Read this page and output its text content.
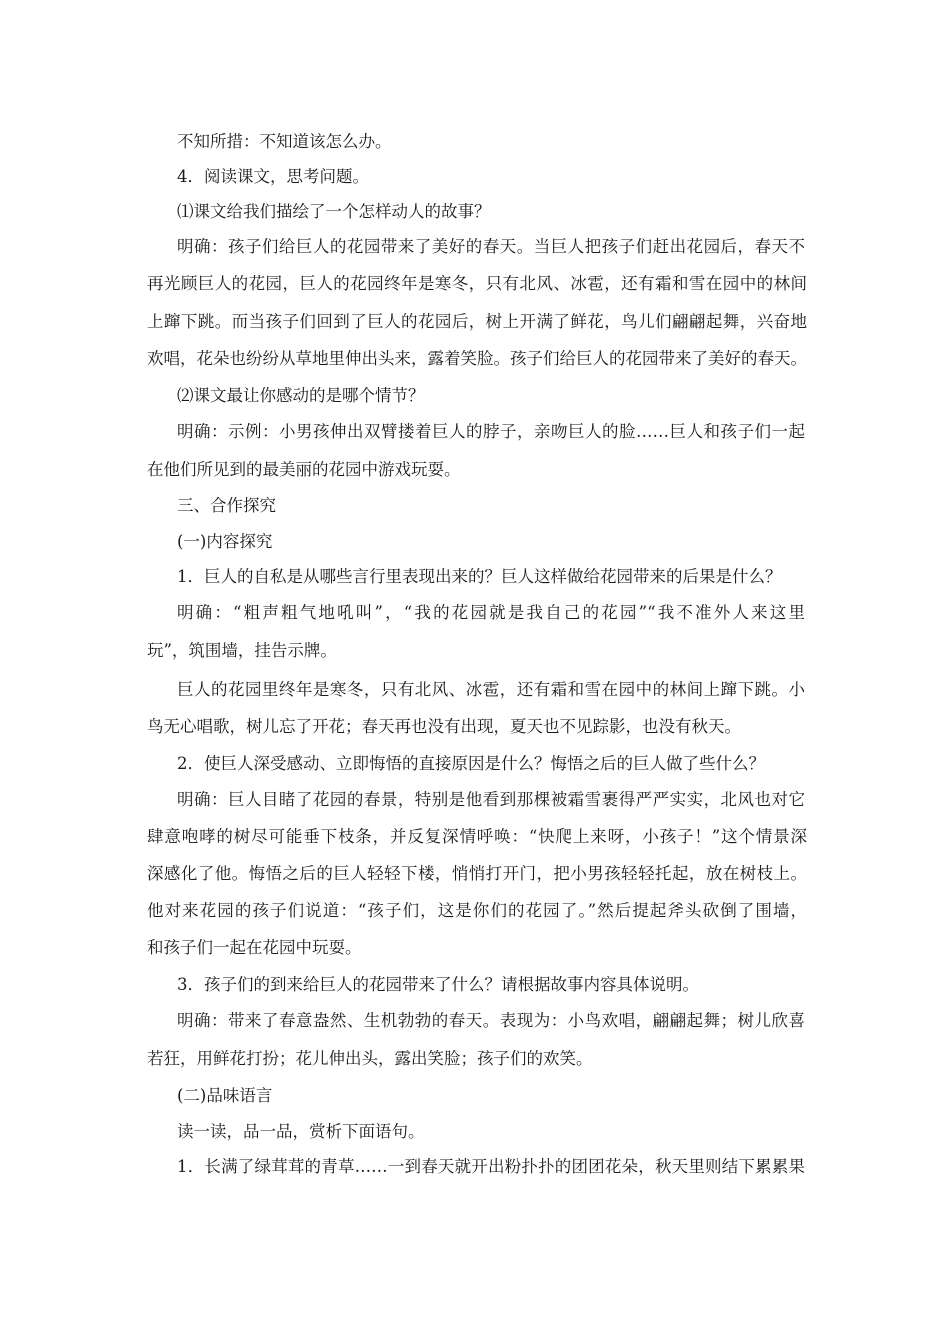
不知所措：不知道该怎么办。
4．阅读课文，思考问题。
⑴课文给我们描绘了一个怎样动人的故事？
明确：孩子们给巨人的花园带来了美好的春天。当巨人把孩子们赶出花园后，春天不
再光顾巨人的花园，巨人的花园终年是寒冬，只有北风、冰雹，还有霜和雪在园中的林间
上蹿下跳。而当孩子们回到了巨人的花园后，树上开满了鲜花，鸟儿们翩翩起舞，兴奋地
欢唱，花朵也纷纷从草地里伸出头来，露着笑脸。孩子们给巨人的花园带来了美好的春天。
⑵课文最让你感动的是哪个情节？
明确：示例：小男孩伸出双臂搂着巨人的脖子，亲吻巨人的脸……巨人和孩子们一起
在他们所见到的最美丽的花园中游戏玩耍。
三、合作探究
(一)内容探究
1．巨人的自私是从哪些言行里表现出来的？巨人这样做给花园带来的后果是什么？
明确：“粗声粗气地吼叫”，“我的花园就是我自己的花园”“我不准外人来这里
玩”，筑围墙，挂告示牌。
巨人的花园里终年是寒冬，只有北风、冰雹，还有霜和雪在园中的林间上蹿下跳。小
鸟无心唱歌，树儿忘了开花；春天再也没有出现，夏天也不见踪影，也没有秋天。
2．使巨人深受感动、立即悔悟的直接原因是什么？悔悟之后的巨人做了些什么？
明确：巨人目睹了花园的春景，特别是他看到那棵被霜雪裹得严严实实，北风也对它
肆意咆哮的树尽可能垂下枝条，并反复深情呼唤：“快爬上来呀，小孩子！”这个情景深
深感化了他。悔悟之后的巨人轻轻下楼，悄悄打开门，把小男孩轻轻托起，放在树枝上。
他对来花园的孩子们说道：“孩子们，这是你们的花园了。”然后提起斧头砍倒了围墙，
和孩子们一起在花园中玩耍。
3．孩子们的到来给巨人的花园带来了什么？请根据故事内容具体说明。
明确：带来了春意盎然、生机勃勃的春天。表现为：小鸟欢唱，翩翩起舞；树儿欣喜
若狂，用鲜花打扮；花儿伸出头，露出笑脸；孩子们的欢笑。
(二)品味语言
读一读，品一品，赏析下面语句。
1．长满了绿茸茸的青草……一到春天就开出粉扑扑的团团花朵，秋天里则结下累累果
